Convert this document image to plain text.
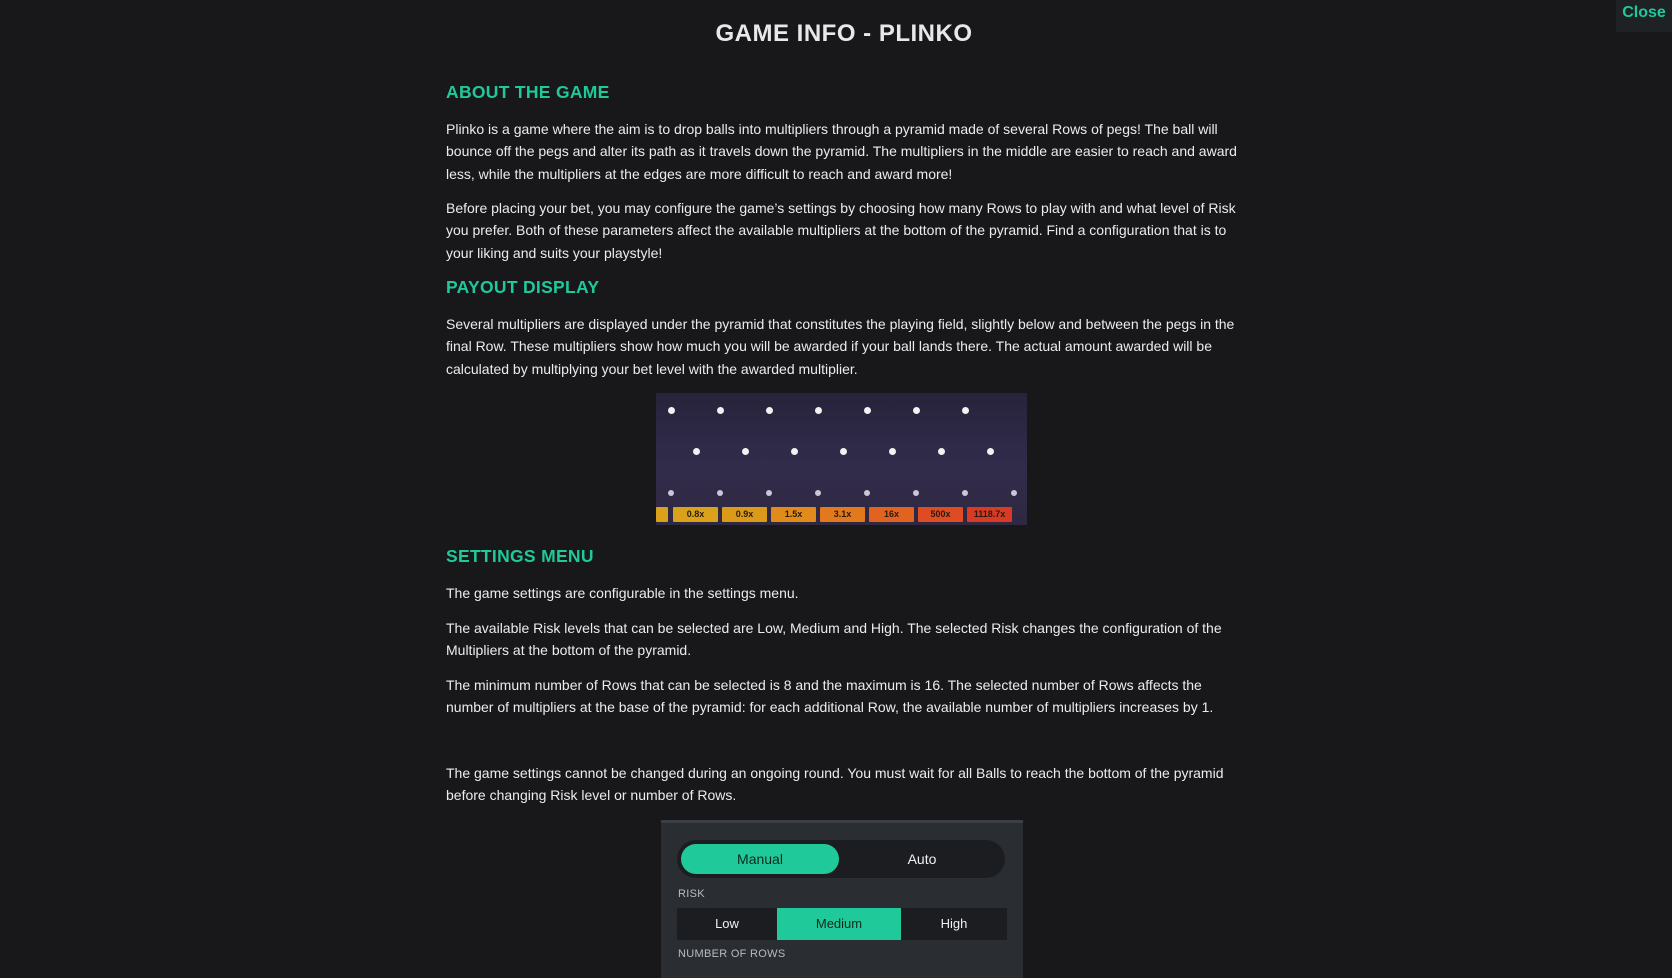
Close
GAME INFO - PLINKO
ABOUT THE GAME

Plinko is a game where the aim is to drop balls into multipliers through a pyramid made of several Rows of pegs! The ball will bounce off the pegs and alter its path as it travels down the pyramid. The multipliers in the middle are easier to reach and award less, while the multipliers at the edges are more difficult to reach and award more!

Before placing your bet, you may configure the game’s settings by choosing how many Rows to play with and what level of Risk you prefer. Both of these parameters affect the available multipliers at the bottom of the pyramid. Find a configuration that is to your liking and suits your playstyle!

PAYOUT DISPLAY

Several multipliers are displayed under the pyramid that constitutes the playing field, slightly below and between the pegs in the final Row. These multipliers show how much you will be awarded if your ball lands there. The actual amount awarded will be calculated by multiplying your bet level with the awarded multiplier.

SETTINGS MENU

The game settings are configurable in the settings menu.

The available Risk levels that can be selected are Low, Medium and High. The selected Risk changes the configuration of the Multipliers at the bottom of the pyramid.

The minimum number of Rows that can be selected is 8 and the maximum is 16. The selected number of Rows affects the number of multipliers at the base of the pyramid: for each additional Row, the available number of multipliers increases by 1.

The game settings cannot be changed during an ongoing round. You must wait for all Balls to reach the bottom of the pyramid before changing Risk level or number of Rows.

0.8x	0.9x	1.5x	3.1x	16x	500x	1118.7x
Manual	Auto
RISK
Low	Medium	High
NUMBER OF ROWS
